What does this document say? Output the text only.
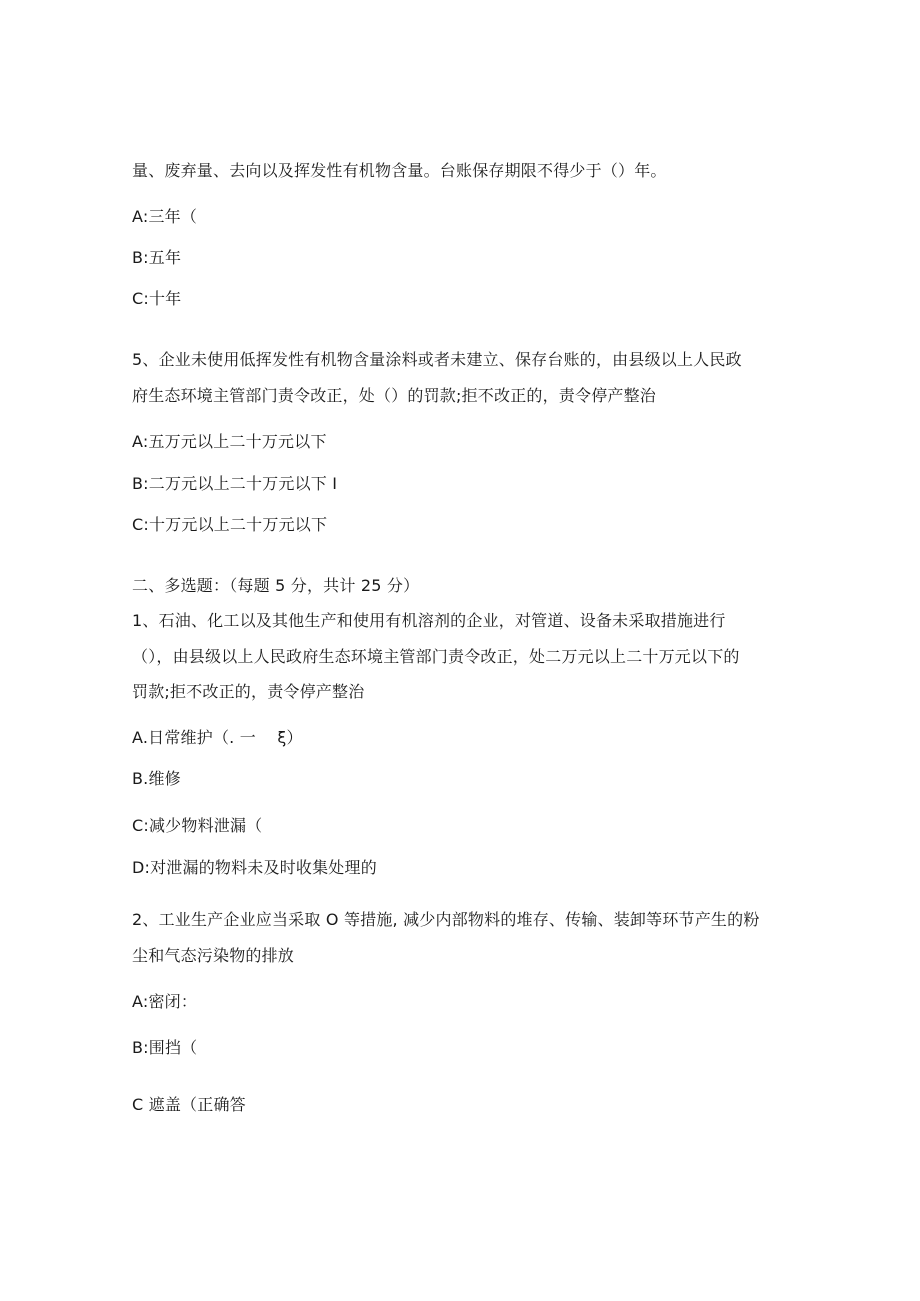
量、废弃量、去向以及挥发性有机物含量。台账保存期限不得少于（）年。
A:三年（
B:五年
C:十年
5、企业未使用低挥发性有机物含量涂料或者未建立、保存台账的，由县级以上人民政
府生态环境主管部门责令改正，处（）的罚款;拒不改正的，责令停产整治
A:五万元以上二十万元以下
B:二万元以上二十万元以下 I
C:十万元以上二十万元以下
二、多选题：（每题 5 分，共计 25 分）
1、石油、化工以及其他生产和使用有机溶剂的企业，对管道、设备未采取措施进行
（），由县级以上人民政府生态环境主管部门责令改正，处二万元以上二十万元以下的
罚款;拒不改正的，责令停产整治
A.日常维护（. 一　 ξ）
B.维修
C:减少物料泄漏（
D:对泄漏的物料未及时收集处理的
2、工业生产企业应当采取 O 等措施, 减少内部物料的堆存、传输、装卸等环节产生的粉
尘和气态污染物的排放
A:密闭：
B:围挡（
C 遮盖（正确答
